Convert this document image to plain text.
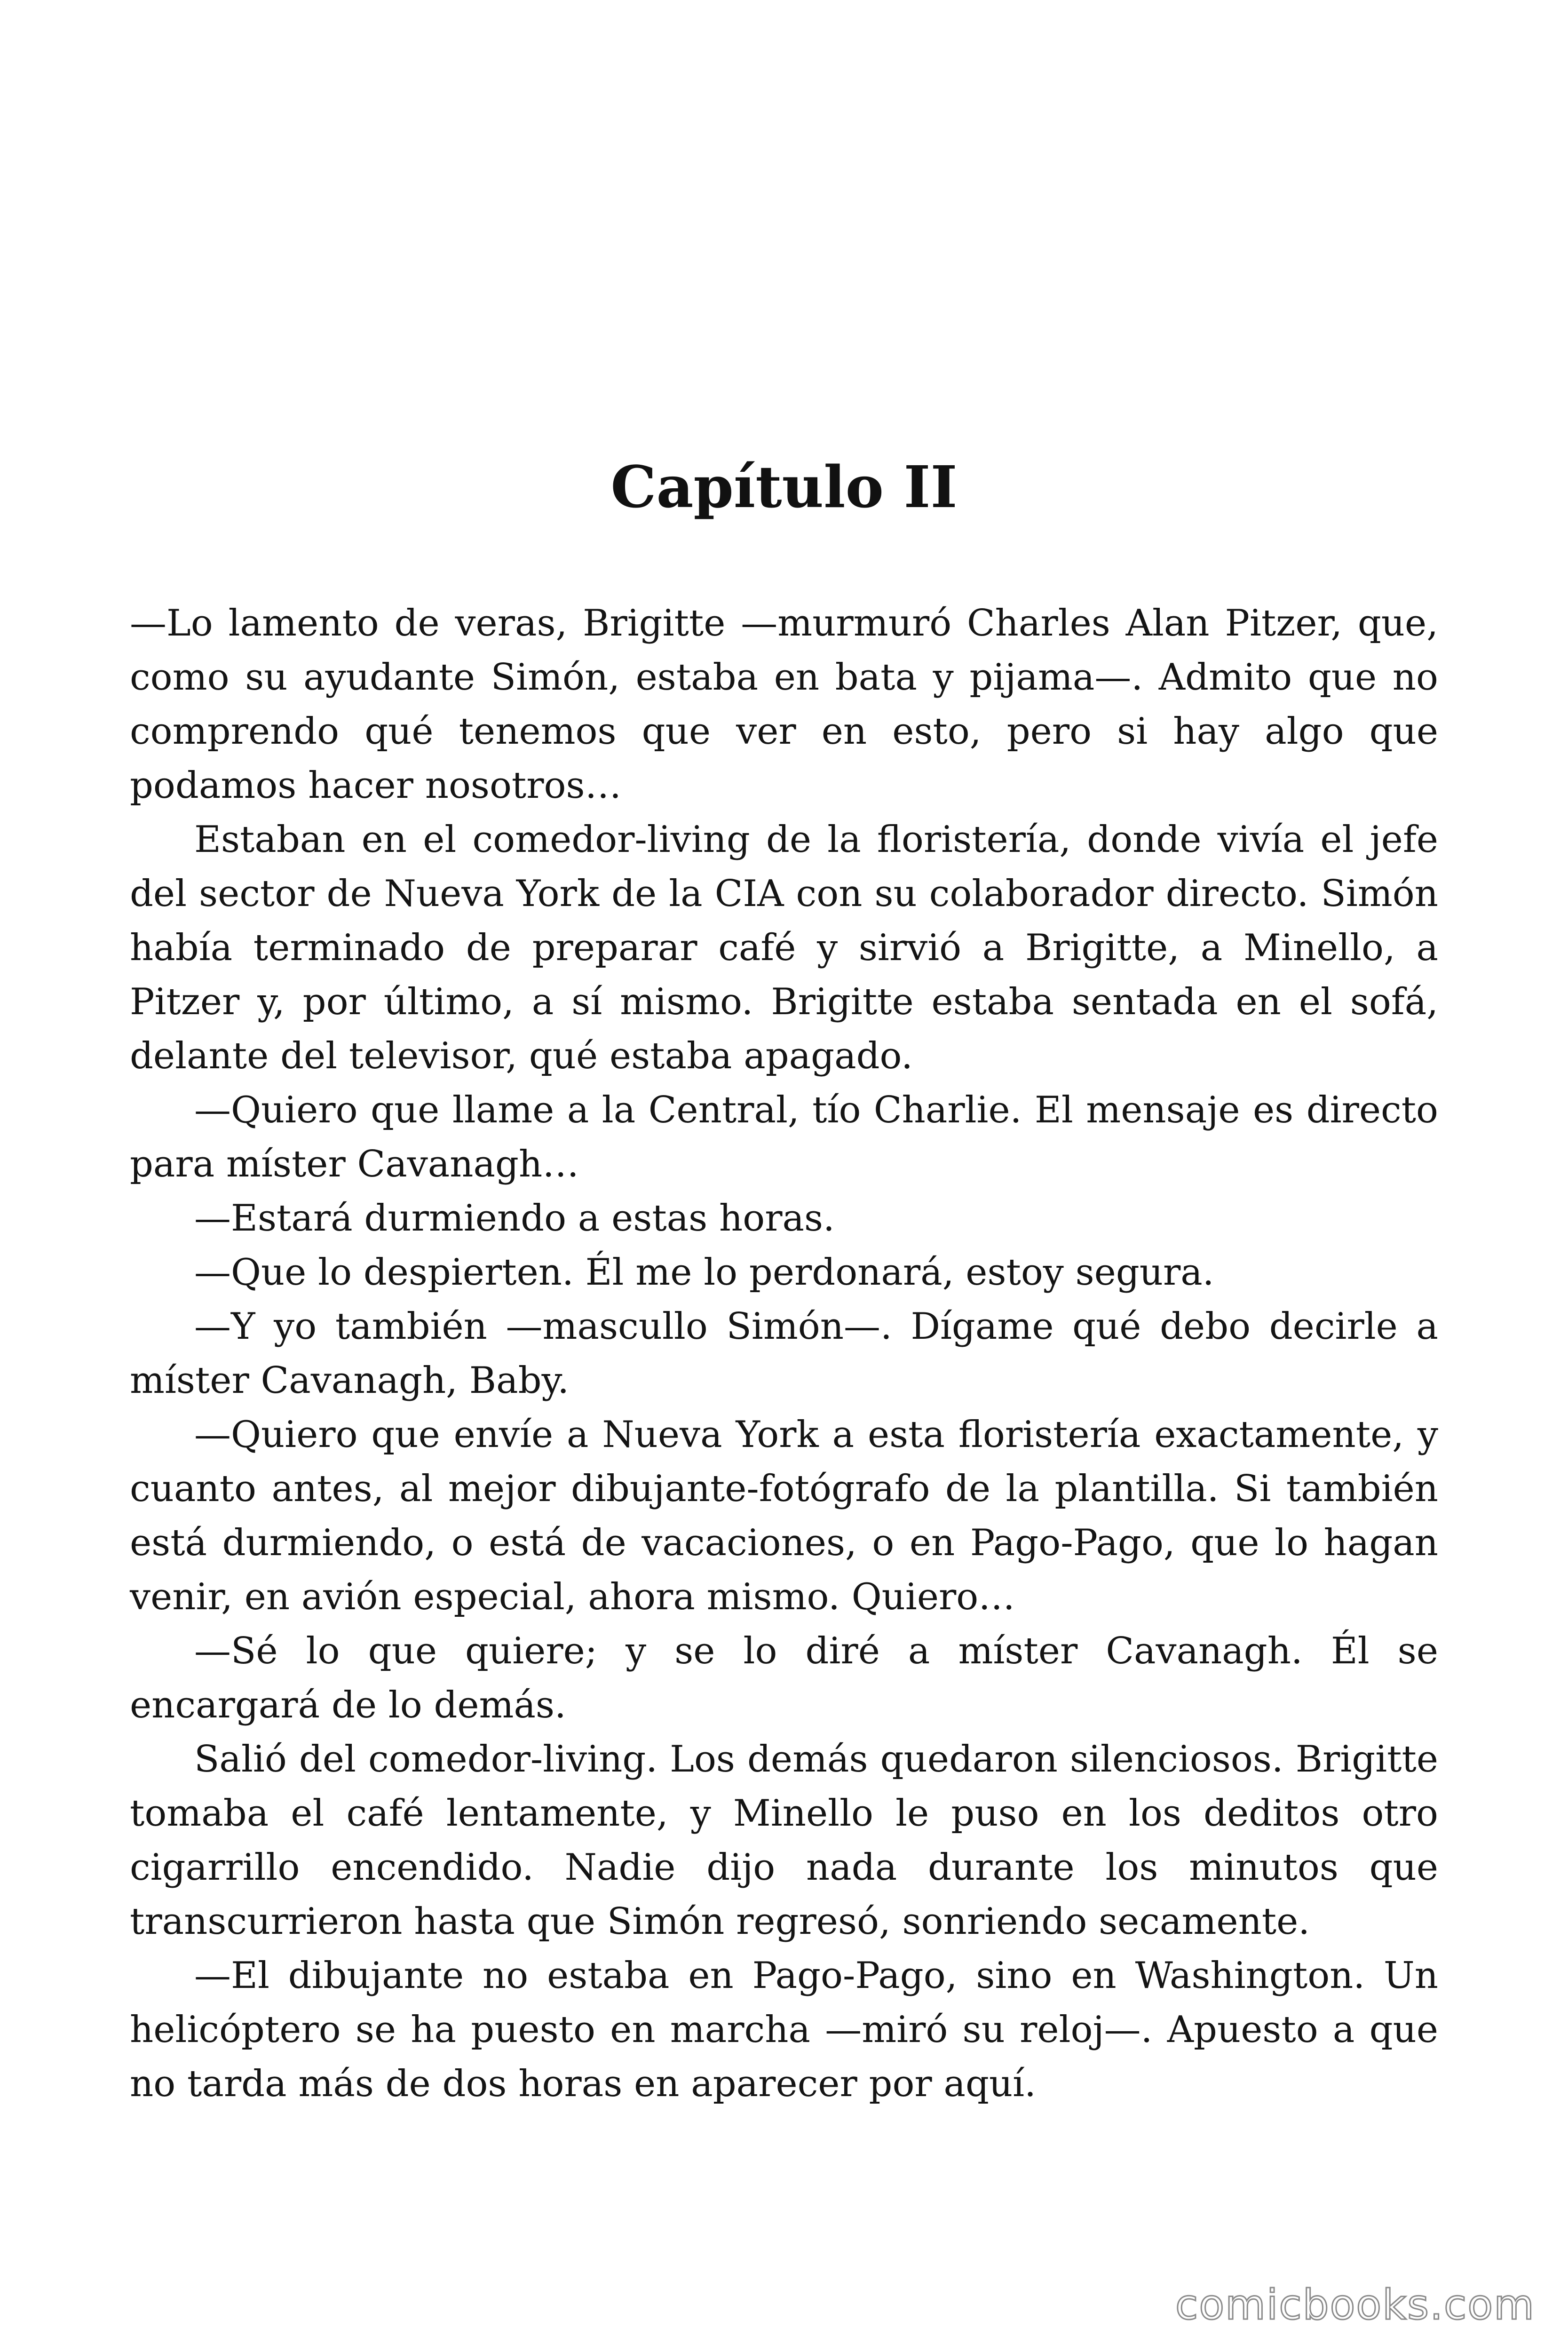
Capítulo II

—Lo lamento de veras, Brigitte —murmuró Charles Alan Pitzer, que, como su ayudante Simón, estaba en bata y pijama—. Admito que no comprendo qué tenemos que ver en esto, pero si hay algo que podamos hacer nosotros…

Estaban en el comedor-living de la floristería, donde vivía el jefe del sector de Nueva York de la CIA con su colaborador directo. Simón había terminado de preparar café y sirvió a Brigitte, a Minello, a Pitzer y, por último, a sí mismo. Brigitte estaba sentada en el sofá, delante del televisor, qué estaba apagado.

—Quiero que llame a la Central, tío Charlie. El mensaje es directo para míster Cavanagh…

—Estará durmiendo a estas horas.

—Que lo despierten. Él me lo perdonará, estoy segura.

—Y yo también —mascullo Simón—. Dígame qué debo decirle a míster Cavanagh, Baby.

—Quiero que envíe a Nueva York a esta floristería exactamente, y cuanto antes, al mejor dibujante-fotógrafo de la plantilla. Si también está durmiendo, o está de vacaciones, o en Pago-Pago, que lo hagan venir, en avión especial, ahora mismo. Quiero…

—Sé lo que quiere; y se lo diré a míster Cavanagh. Él se encargará de lo demás.

Salió del comedor-living. Los demás quedaron silenciosos. Brigitte tomaba el café lentamente, y Minello le puso en los deditos otro cigarrillo encendido. Nadie dijo nada durante los minutos que transcurrieron hasta que Simón regresó, sonriendo secamente.

—El dibujante no estaba en Pago-Pago, sino en Washington. Un helicóptero se ha puesto en marcha —miró su reloj—. Apuesto a que no tarda más de dos horas en aparecer por aquí.

comicbooks.com
